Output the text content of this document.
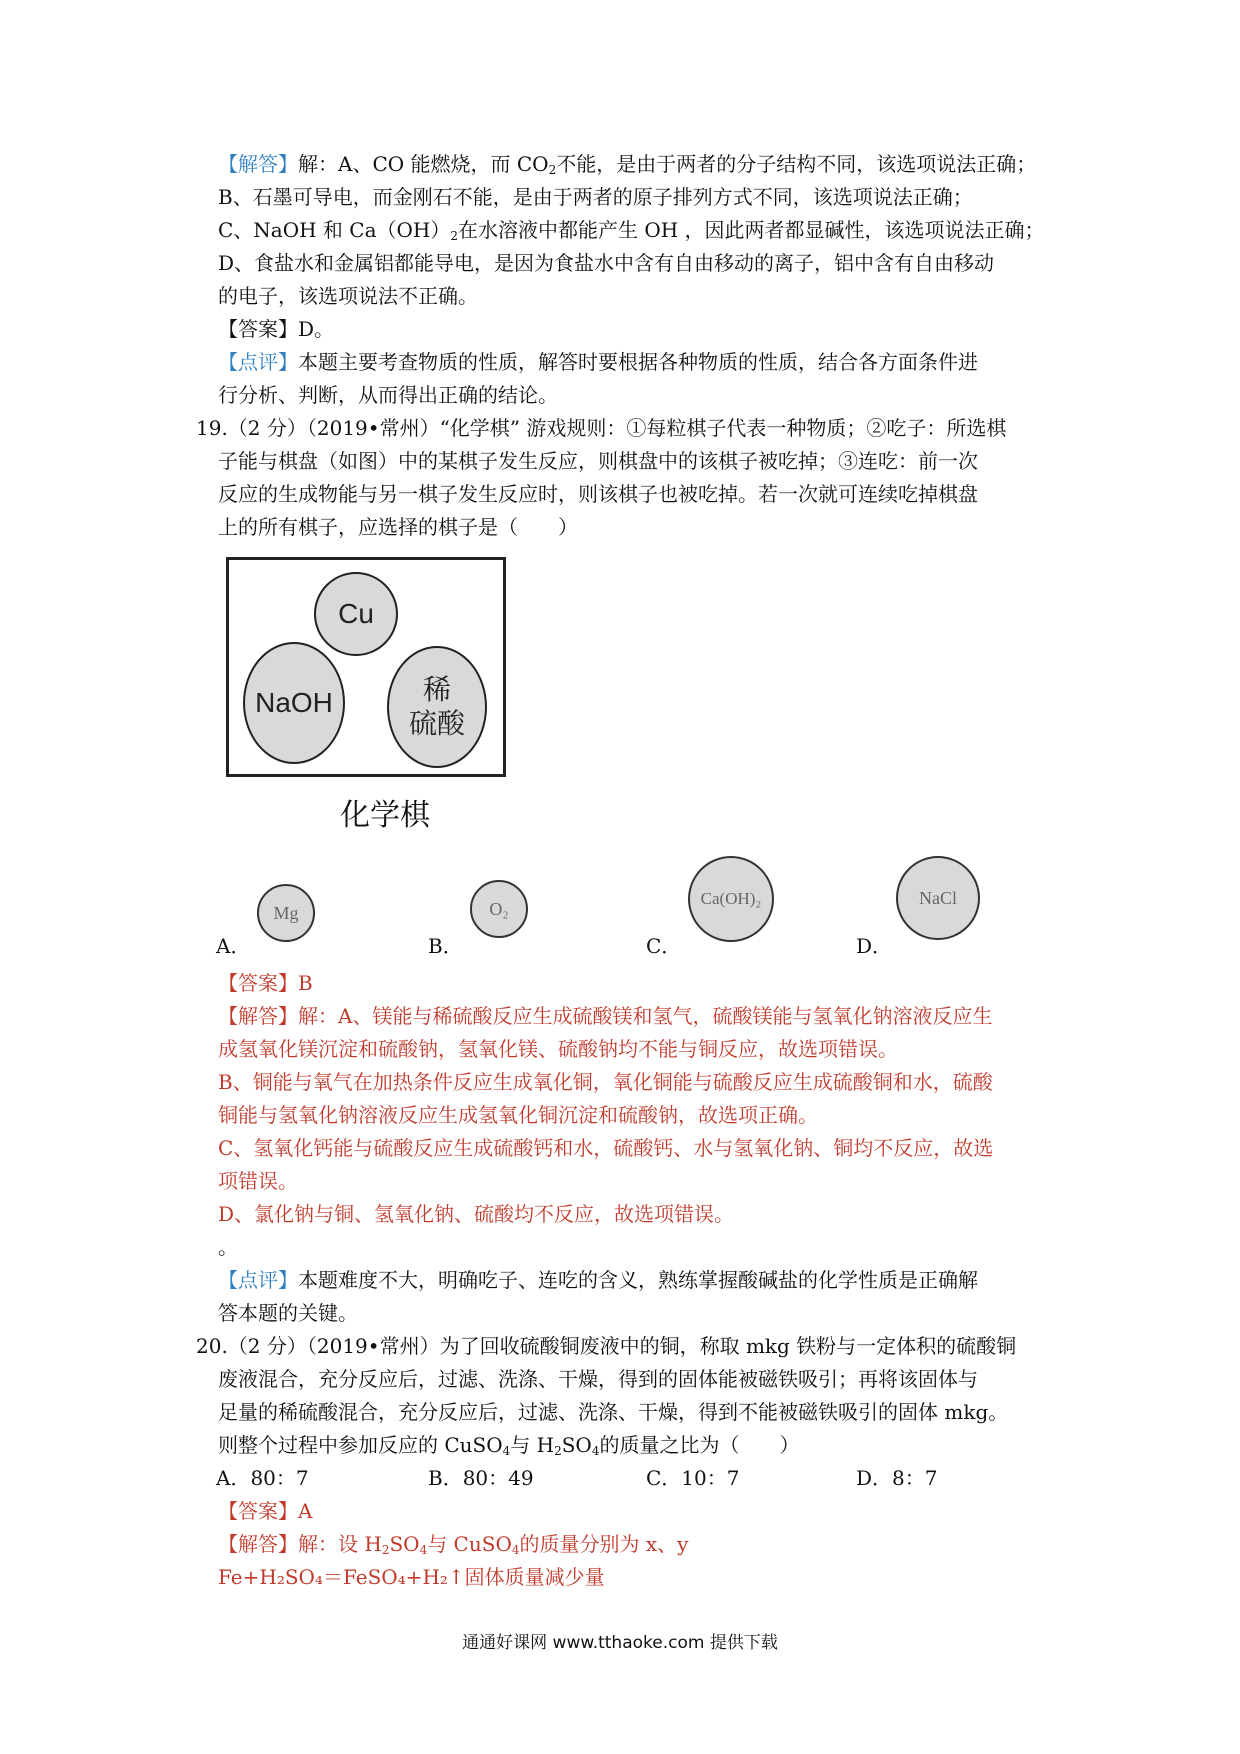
【解答】解：A、CO 能燃烧，而 $CO_2$不能，是由于两者的分子结构不同，该选项说法正确；
B、石墨可导电，而金刚石不能，是由于两者的原子排列方式不同，该选项说法正确；
C、NaOH 和 $Ca(OH)_2$在水溶液中都能产生 OH ，因此两者都显碱性，该选项说法正确；
D、食盐水和金属铝都能导电，是因为食盐水中含有自由移动的离子，铝中含有自由移动
的电子，该选项说法不正确。
【答案】D。
【点评】本题主要考查物质的性质，解答时要根据各种物质的性质，结合各方面条件进
行分析、判断，从而得出正确的结论。
19.（2 分）（2019•常州）“化学棋” 游戏规则：①每粒棋子代表一种物质；②吃子：所选棋
子能与棋盘（如图）中的某棋子发生反应，则棋盘中的该棋子被吃掉；③连吃：前一次
反应的生成物能与另一棋子发生反应时，则该棋子也被吃掉。若一次就可连续吃掉棋盘
上的所有棋子，应选择的棋子是（　　）
Cu
NaOH	稀
硫酸
化学棋
A．
Mg
B．
O₂
C．
Ca(OH)₂
D．
NaCl
【答案】B
【解答】解：A、镁能与稀硫酸反应生成硫酸镁和氢气，硫酸镁能与氢氧化钠溶液反应生
成氢氧化镁沉淀和硫酸钠，氢氧化镁、硫酸钠均不能与铜反应，故选项错误。
B、铜能与氧气在加热条件反应生成氧化铜，氧化铜能与硫酸反应生成硫酸铜和水，硫酸
铜能与氢氧化钠溶液反应生成氢氧化铜沉淀和硫酸钠，故选项正确。
C、氢氧化钙能与硫酸反应生成硫酸钙和水，硫酸钙、水与氢氧化钠、铜均不反应，故选
项错误。
D、氯化钠与铜、氢氧化钠、硫酸均不反应，故选项错误。
。
【点评】本题难度不大，明确吃子、连吃的含义，熟练掌握酸碱盐的化学性质是正确解
答本题的关键。
20.（2 分）（2019•常州）为了回收硫酸铜废液中的铜，称取 mkg 铁粉与一定体积的硫酸铜
废液混合，充分反应后，过滤、洗涤、干燥，得到的固体能被磁铁吸引；再将该固体与
足量的稀硫酸混合，充分反应后，过滤、洗涤、干燥，得到不能被磁铁吸引的固体 mkg。
则整个过程中参加反应的 CuSO$_4$与 $H_2SO_4$的质量之比为（　　）
A．80：7	B．80：49	C．10：7	D．8：7
【答案】A
【解答】解：设 $H_2SO_4$与 CuSO$_4$的质量分别为 x、y
Fe+H₂SO₄＝FeSO₄+H₂↑固体质量减少量
通通好课网 www.tthaoke.com 提供下载
